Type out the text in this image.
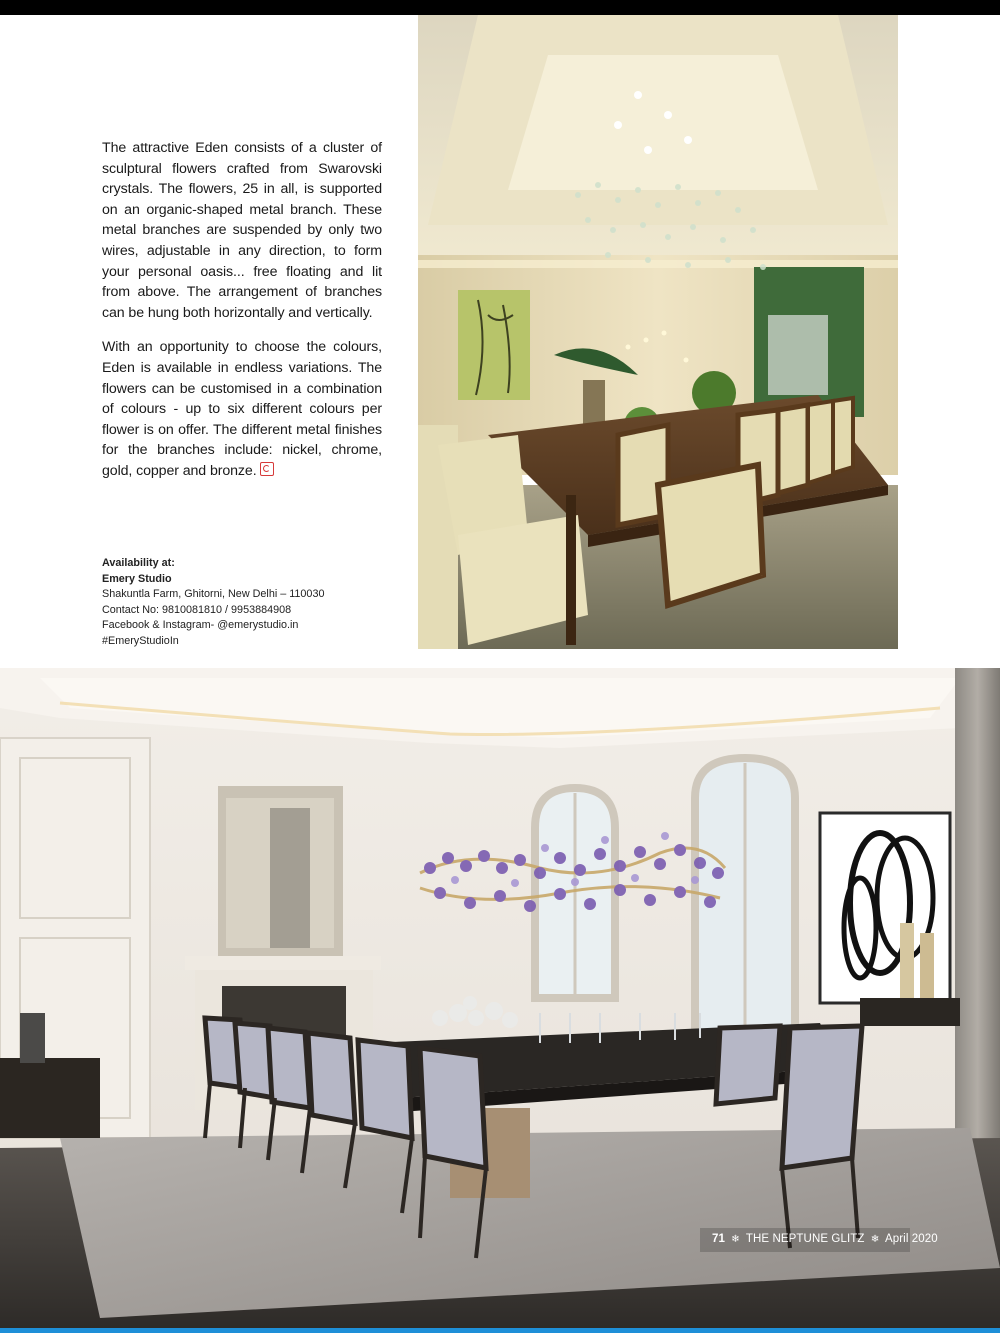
The attractive Eden consists of a cluster of sculptural flowers crafted from Swarovski crystals. The flowers, 25 in all, is supported on an organic-shaped metal branch. These metal branches are suspended by only two wires, adjustable in any direction, to form your personal oasis... free floating and lit from above. The arrangement of branches can be hung both horizontally and vertically.

With an opportunity to choose the colours, Eden is available in endless variations. The flowers can be customised in a combination of colours - up to six different colours per flower is on offer. The different metal finishes for the branches include: nickel, chrome, gold, copper and bronze.

Availability at:
Emery Studio
Shakuntla Farm, Ghitorni, New Delhi – 110030
Contact No: 9810081810 / 9953884908
Facebook & Instagram- @emerystudio.in
#EmeryStudioIn
71 ❄ THE NEPTUNE GLITZ ❄ April 2020
